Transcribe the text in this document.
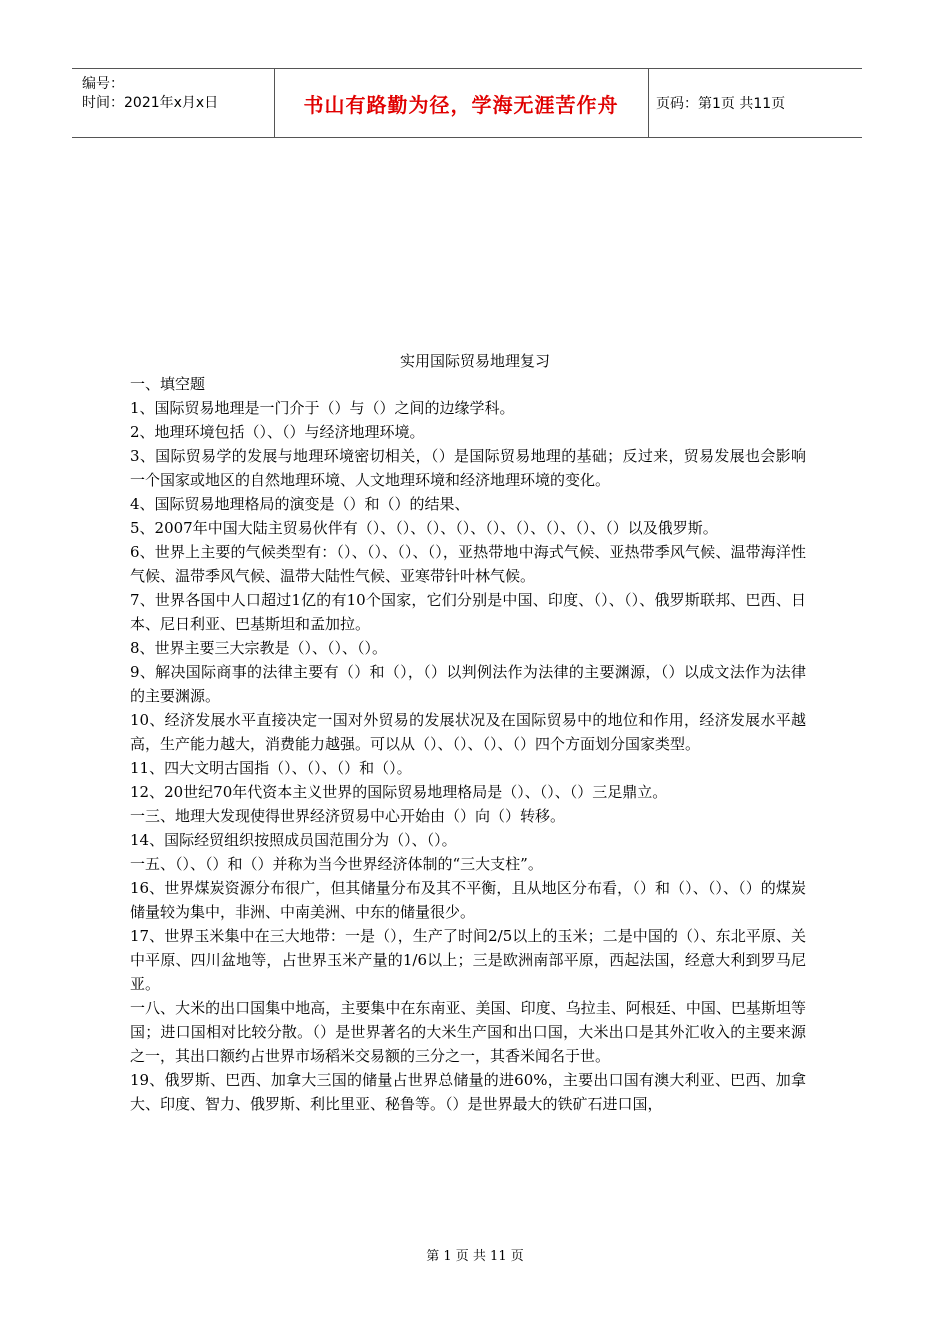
编号：
时间：2021年x月x日	书山有路勤为径，学海无涯苦作舟	页码：第1页 共11页
实用国际贸易地理复习

一、填空题

1、国际贸易地理是一门介于（）与（）之间的边缘学科。

2、地理环境包括（）、（）与经济地理环境。

3、国际贸易学的发展与地理环境密切相关，（）是国际贸易地理的基础；反过来，贸易发展也会影响一个国家或地区的自然地理环境、人文地理环境和经济地理环境的变化。

4、国际贸易地理格局的演变是（）和（）的结果、

5、2007年中国大陆主贸易伙伴有（）、（）、（）、（）、（）、（）、（）、（）、（）以及俄罗斯。

6、世界上主要的气候类型有：（）、（）、（）、（），亚热带地中海式气候、亚热带季风气候、温带海洋性气候、温带季风气候、温带大陆性气候、亚寒带针叶林气候。

7、世界各国中人口超过1亿的有10个国家，它们分别是中国、印度、（）、（）、俄罗斯联邦、巴西、日本、尼日利亚、巴基斯坦和孟加拉。

8、世界主要三大宗教是（）、（）、（）。

9、解决国际商事的法律主要有（）和（），（）以判例法作为法律的主要渊源，（）以成文法作为法律的主要渊源。

10、经济发展水平直接决定一国对外贸易的发展状况及在国际贸易中的地位和作用，经济发展水平越高，生产能力越大，消费能力越强。可以从（）、（）、（）、（）四个方面划分国家类型。

11、四大文明古国指（）、（）、（）和（）。

12、20世纪70年代资本主义世界的国际贸易地理格局是（）、（）、（）三足鼎立。

一三、地理大发现使得世界经济贸易中心开始由（）向（）转移。

14、国际经贸组织按照成员国范围分为（）、（）。

一五、（）、（）和（）并称为当今世界经济体制的“三大支柱”。

16、世界煤炭资源分布很广，但其储量分布及其不平衡，且从地区分布看，（）和（）、（）、（）的煤炭储量较为集中，非洲、中南美洲、中东的储量很少。

17、世界玉米集中在三大地带：一是（），生产了时间2/5以上的玉米；二是中国的（）、东北平原、关中平原、四川盆地等，占世界玉米产量的1/6以上；三是欧洲南部平原，西起法国，经意大利到罗马尼亚。

一八、大米的出口国集中地高，主要集中在东南亚、美国、印度、乌拉圭、阿根廷、中国、巴基斯坦等国；进口国相对比较分散。（）是世界著名的大米生产国和出口国，大米出口是其外汇收入的主要来源之一，其出口额约占世界市场稻米交易额的三分之一，其香米闻名于世。

19、俄罗斯、巴西、加拿大三国的储量占世界总储量的进60%，主要出口国有澳大利亚、巴西、加拿大、印度、智力、俄罗斯、利比里亚、秘鲁等。（）是世界最大的铁矿石进口国，

第 1 页 共 11 页
